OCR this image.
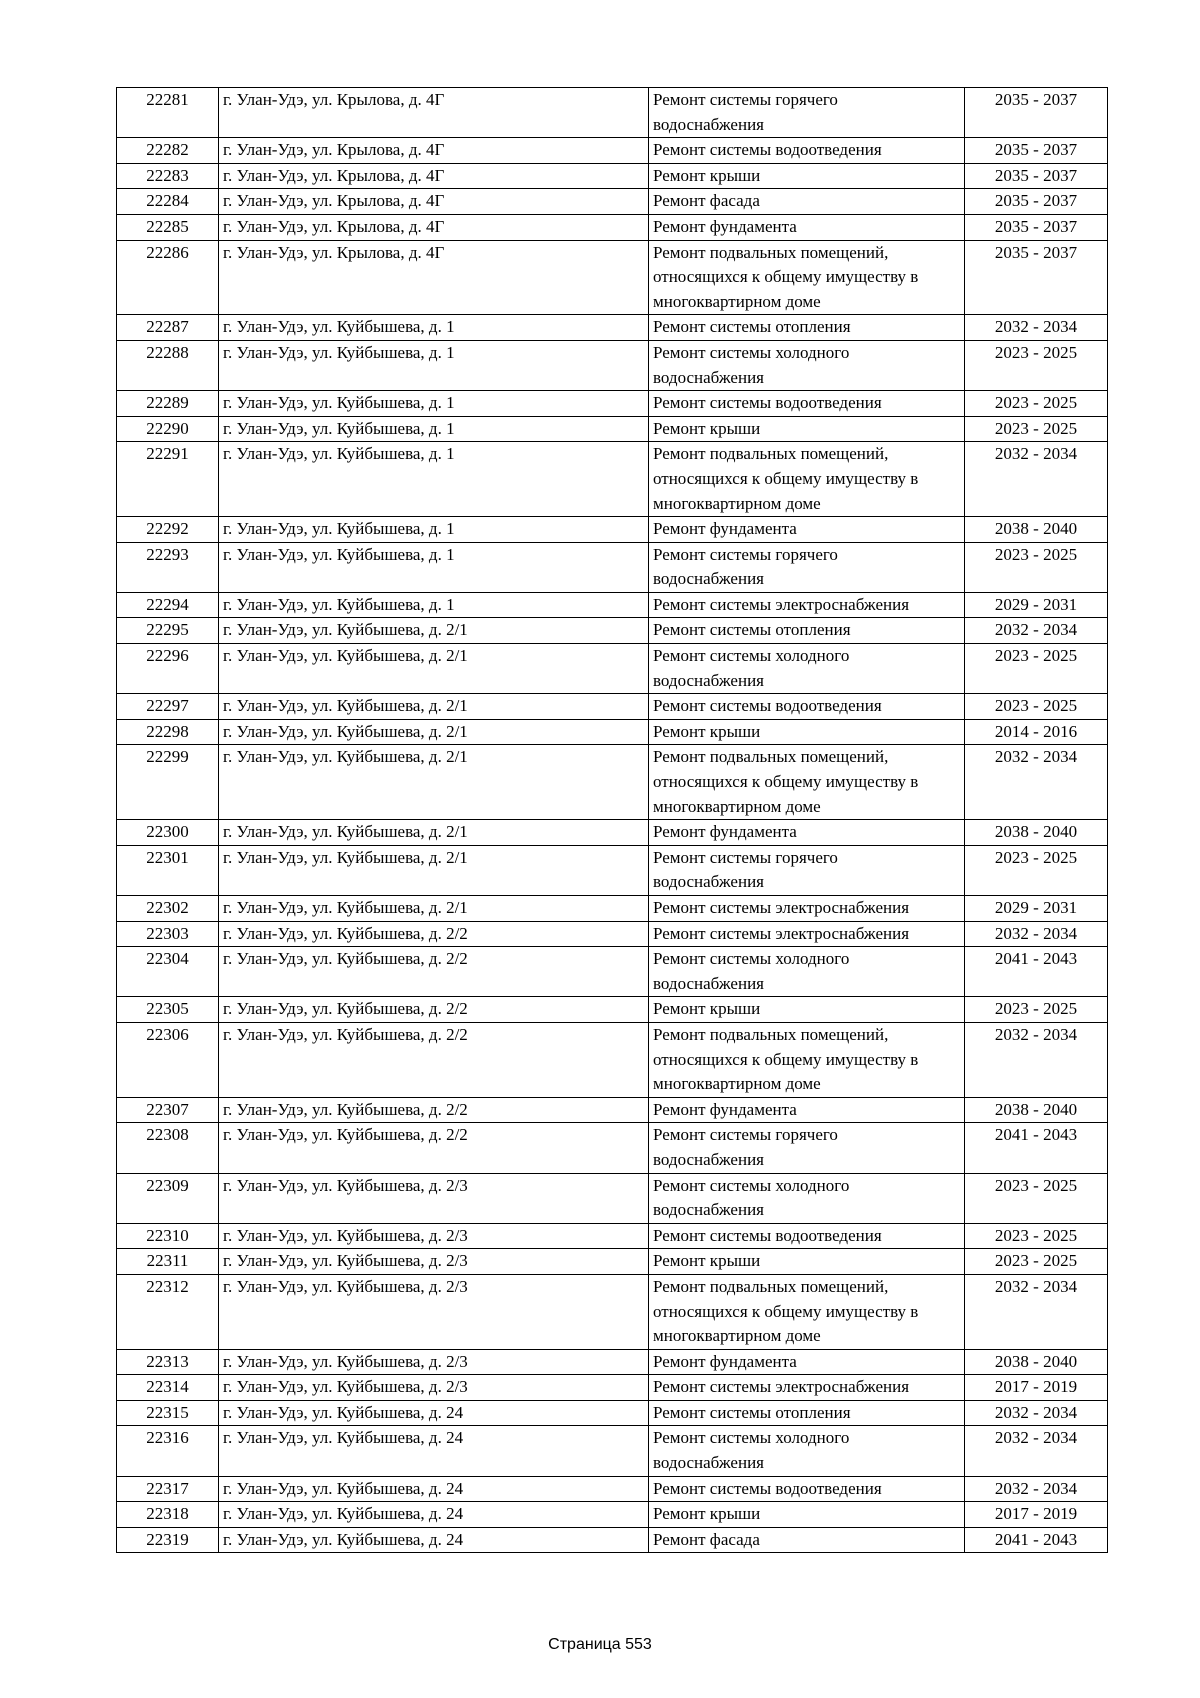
22281	г. Улан-Удэ, ул. Крылова, д. 4Г	Ремонт системы горячего
водоснабжения	2035 - 2037
22282	г. Улан-Удэ, ул. Крылова, д. 4Г	Ремонт системы водоотведения	2035 - 2037
22283	г. Улан-Удэ, ул. Крылова, д. 4Г	Ремонт крыши	2035 - 2037
22284	г. Улан-Удэ, ул. Крылова, д. 4Г	Ремонт фасада	2035 - 2037
22285	г. Улан-Удэ, ул. Крылова, д. 4Г	Ремонт фундамента	2035 - 2037
22286	г. Улан-Удэ, ул. Крылова, д. 4Г	Ремонт подвальных помещений,
относящихся к общему имуществу в
многоквартирном доме	2035 - 2037
22287	г. Улан-Удэ, ул. Куйбышева, д. 1	Ремонт системы отопления	2032 - 2034
22288	г. Улан-Удэ, ул. Куйбышева, д. 1	Ремонт системы холодного
водоснабжения	2023 - 2025
22289	г. Улан-Удэ, ул. Куйбышева, д. 1	Ремонт системы водоотведения	2023 - 2025
22290	г. Улан-Удэ, ул. Куйбышева, д. 1	Ремонт крыши	2023 - 2025
22291	г. Улан-Удэ, ул. Куйбышева, д. 1	Ремонт подвальных помещений,
относящихся к общему имуществу в
многоквартирном доме	2032 - 2034
22292	г. Улан-Удэ, ул. Куйбышева, д. 1	Ремонт фундамента	2038 - 2040
22293	г. Улан-Удэ, ул. Куйбышева, д. 1	Ремонт системы горячего
водоснабжения	2023 - 2025
22294	г. Улан-Удэ, ул. Куйбышева, д. 1	Ремонт системы электроснабжения	2029 - 2031
22295	г. Улан-Удэ, ул. Куйбышева, д. 2/1	Ремонт системы отопления	2032 - 2034
22296	г. Улан-Удэ, ул. Куйбышева, д. 2/1	Ремонт системы холодного
водоснабжения	2023 - 2025
22297	г. Улан-Удэ, ул. Куйбышева, д. 2/1	Ремонт системы водоотведения	2023 - 2025
22298	г. Улан-Удэ, ул. Куйбышева, д. 2/1	Ремонт крыши	2014 - 2016
22299	г. Улан-Удэ, ул. Куйбышева, д. 2/1	Ремонт подвальных помещений,
относящихся к общему имуществу в
многоквартирном доме	2032 - 2034
22300	г. Улан-Удэ, ул. Куйбышева, д. 2/1	Ремонт фундамента	2038 - 2040
22301	г. Улан-Удэ, ул. Куйбышева, д. 2/1	Ремонт системы горячего
водоснабжения	2023 - 2025
22302	г. Улан-Удэ, ул. Куйбышева, д. 2/1	Ремонт системы электроснабжения	2029 - 2031
22303	г. Улан-Удэ, ул. Куйбышева, д. 2/2	Ремонт системы электроснабжения	2032 - 2034
22304	г. Улан-Удэ, ул. Куйбышева, д. 2/2	Ремонт системы холодного
водоснабжения	2041 - 2043
22305	г. Улан-Удэ, ул. Куйбышева, д. 2/2	Ремонт крыши	2023 - 2025
22306	г. Улан-Удэ, ул. Куйбышева, д. 2/2	Ремонт подвальных помещений,
относящихся к общему имуществу в
многоквартирном доме	2032 - 2034
22307	г. Улан-Удэ, ул. Куйбышева, д. 2/2	Ремонт фундамента	2038 - 2040
22308	г. Улан-Удэ, ул. Куйбышева, д. 2/2	Ремонт системы горячего
водоснабжения	2041 - 2043
22309	г. Улан-Удэ, ул. Куйбышева, д. 2/3	Ремонт системы холодного
водоснабжения	2023 - 2025
22310	г. Улан-Удэ, ул. Куйбышева, д. 2/3	Ремонт системы водоотведения	2023 - 2025
22311	г. Улан-Удэ, ул. Куйбышева, д. 2/3	Ремонт крыши	2023 - 2025
22312	г. Улан-Удэ, ул. Куйбышева, д. 2/3	Ремонт подвальных помещений,
относящихся к общему имуществу в
многоквартирном доме	2032 - 2034
22313	г. Улан-Удэ, ул. Куйбышева, д. 2/3	Ремонт фундамента	2038 - 2040
22314	г. Улан-Удэ, ул. Куйбышева, д. 2/3	Ремонт системы электроснабжения	2017 - 2019
22315	г. Улан-Удэ, ул. Куйбышева, д. 24	Ремонт системы отопления	2032 - 2034
22316	г. Улан-Удэ, ул. Куйбышева, д. 24	Ремонт системы холодного
водоснабжения	2032 - 2034
22317	г. Улан-Удэ, ул. Куйбышева, д. 24	Ремонт системы водоотведения	2032 - 2034
22318	г. Улан-Удэ, ул. Куйбышева, д. 24	Ремонт крыши	2017 - 2019
22319	г. Улан-Удэ, ул. Куйбышева, д. 24	Ремонт фасада	2041 - 2043
Страница 553
